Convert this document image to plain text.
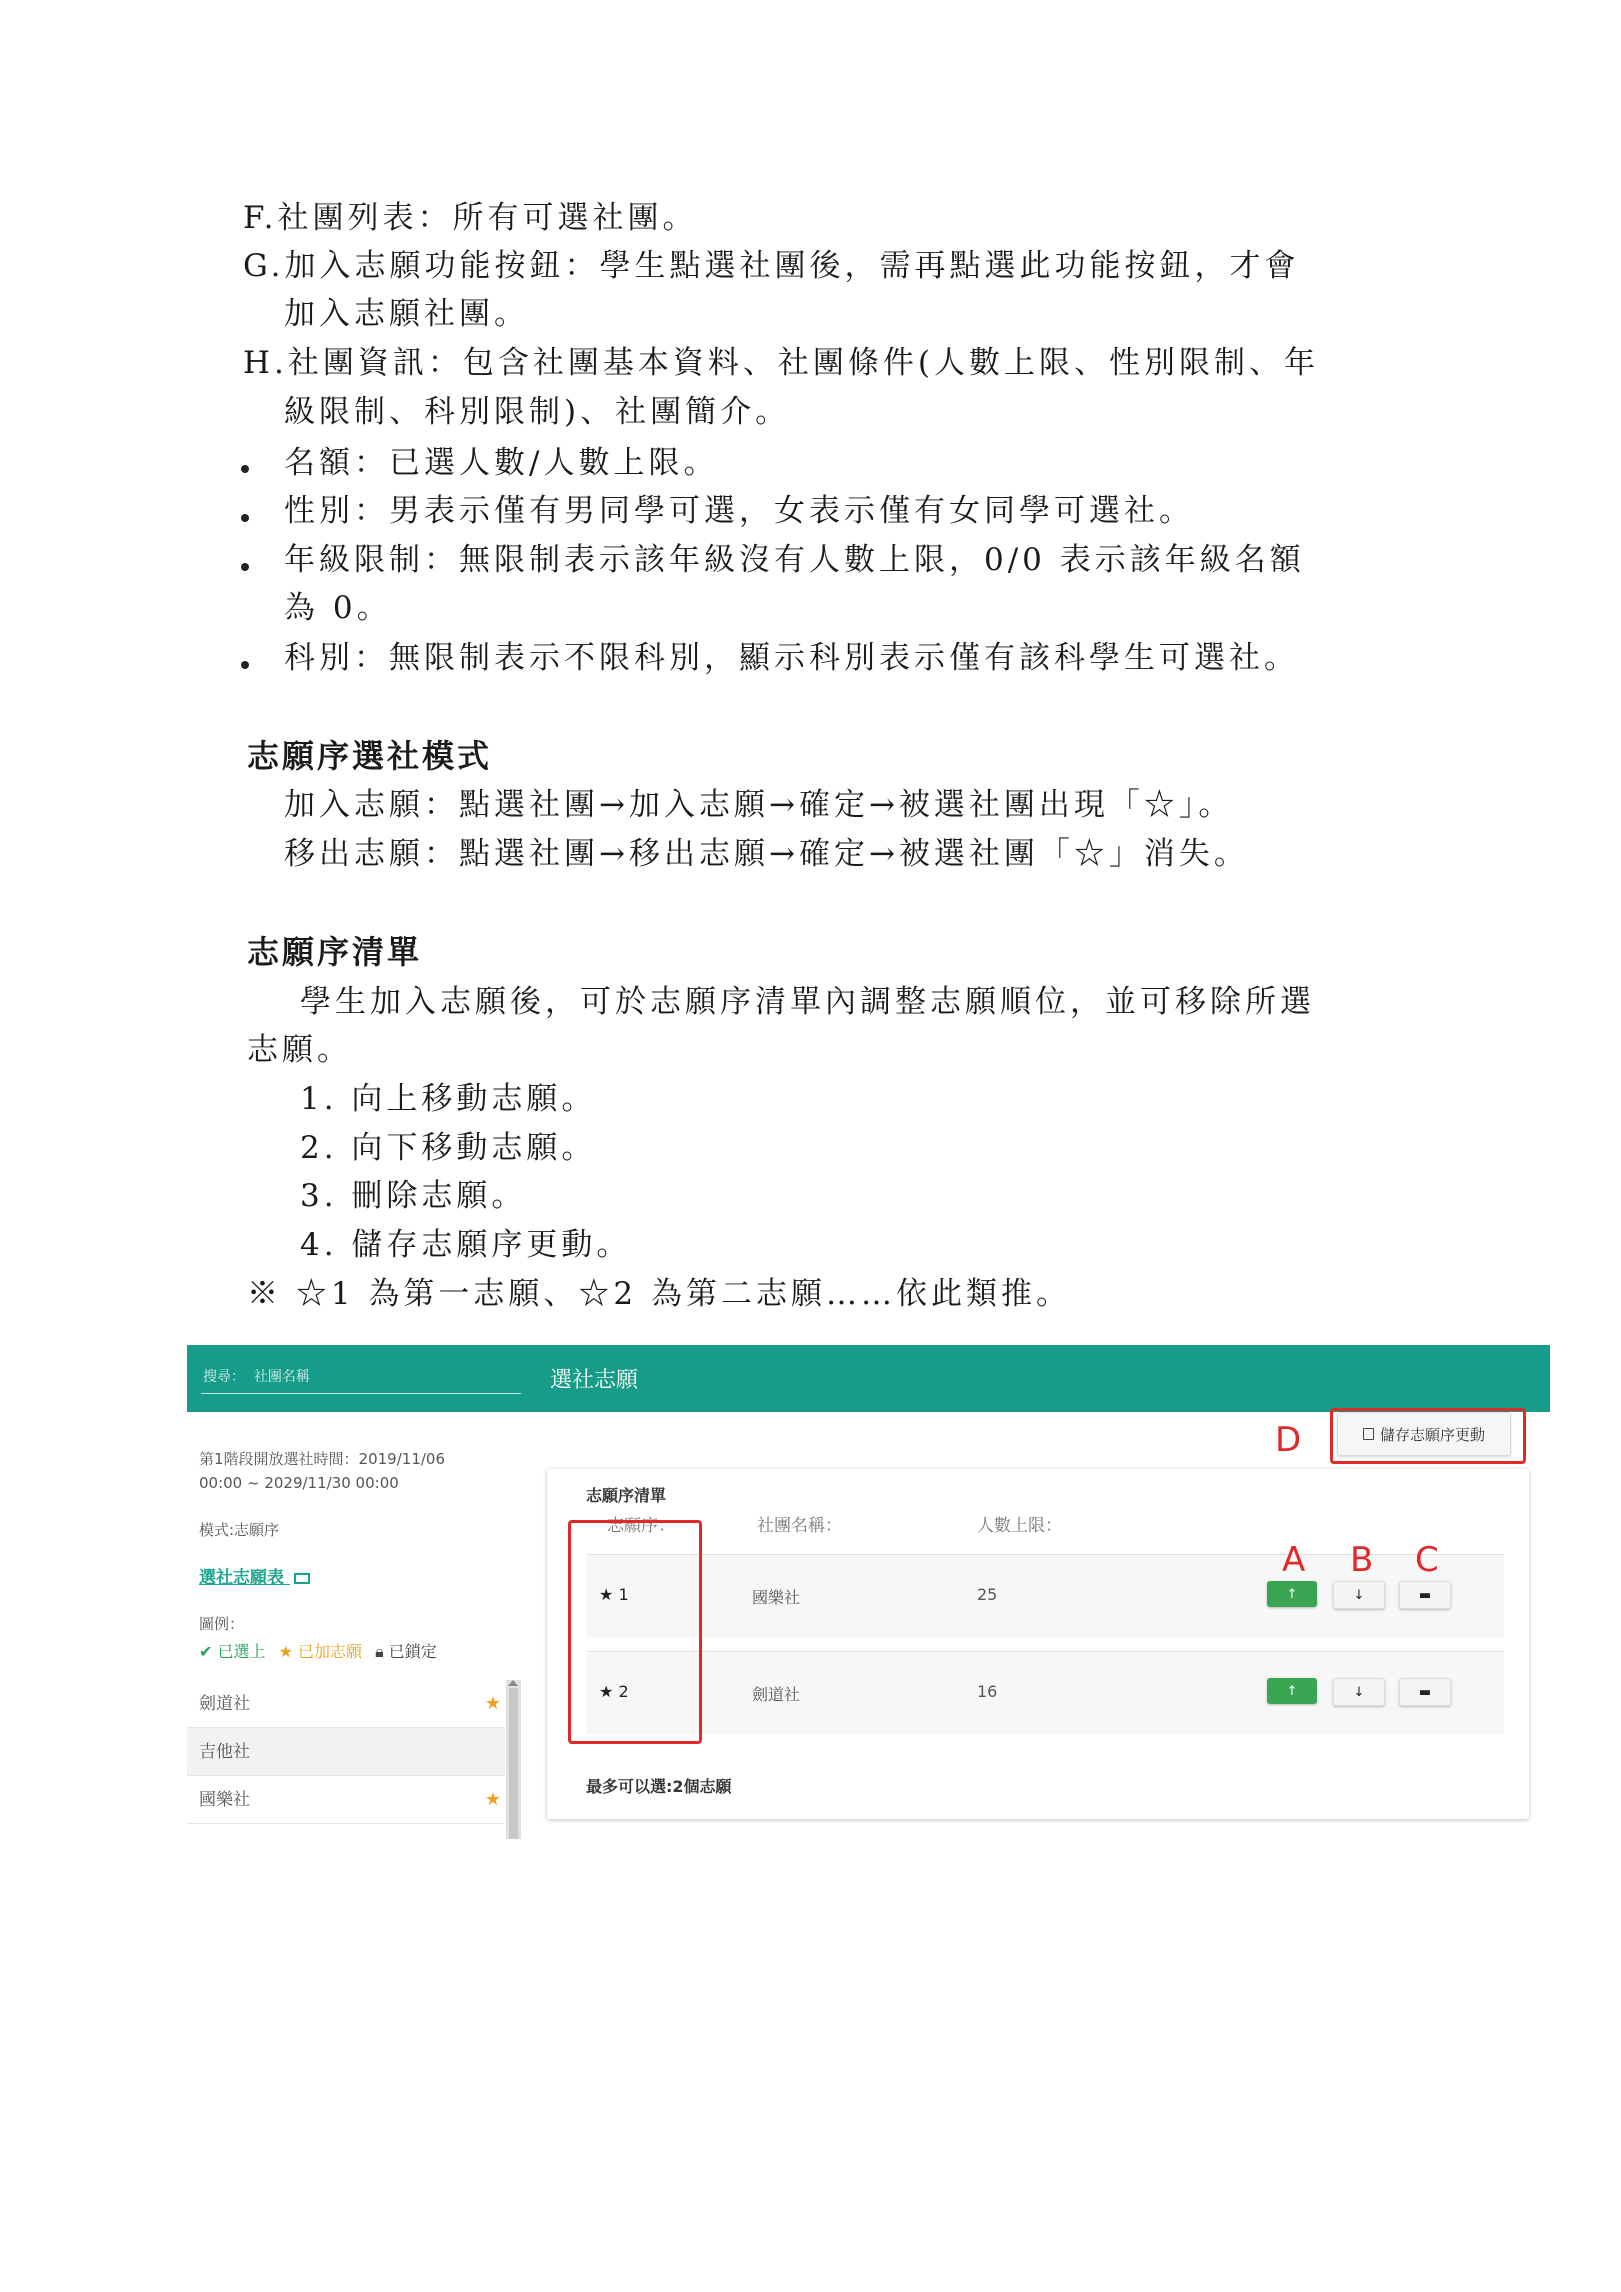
F.社團列表：所有可選社團。
G.加入志願功能按鈕：學生點選社團後，需再點選此功能按鈕，才會
加入志願社團。
H.社團資訊：包含社團基本資料、社團條件(人數上限、性別限制、年
級限制、科別限制)、社團簡介。
名額：已選人數/人數上限。
性別：男表示僅有男同學可選，女表示僅有女同學可選社。
年級限制：無限制表示該年級沒有人數上限，0/0 表示該年級名額
為 0。
科別：無限制表示不限科別，顯示科別表示僅有該科學生可選社。
志願序選社模式
加入志願：點選社團→加入志願→確定→被選社團出現「☆」。
移出志願：點選社團→移出志願→確定→被選社團「☆」消失。
志願序清單
學生加入志願後，可於志願序清單內調整志願順位，並可移除所選
志願。
1. 向上移動志願。
2. 向下移動志願。
3. 刪除志願。
4. 儲存志願序更動。
※ ☆1 為第一志願、☆2 為第二志願……依此類推。
搜尋： 社團名稱
選社志願
第1階段開放選社時間：2019/11/06
00:00 ~ 2029/11/30 00:00
模式:志願序
選社志願表
圖例：
✔ 已選上 ★ 已加志願 🔒︎ 已鎖定
劍道社	★
吉他社
國樂社	★
D	儲存志願序更動
志願序清單
志願序：	社團名稱：	人數上限：
★ 1	國樂社	25	↑	↓	▬
★ 2	劍道社	16	↑	↓	▬
最多可以選:2個志願
A B C
